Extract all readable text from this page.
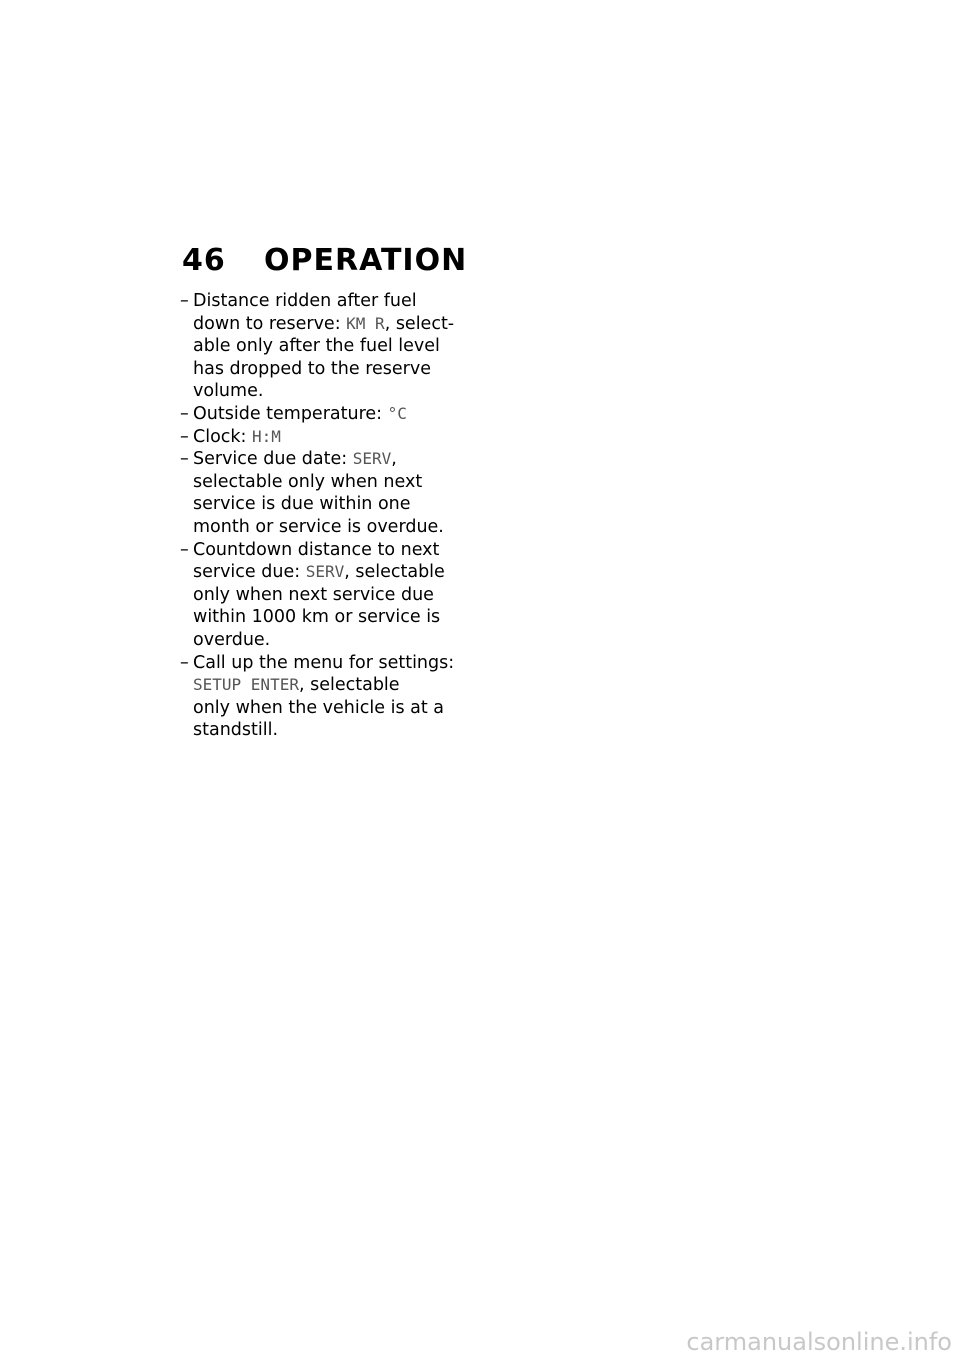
46	OPERATION
– Distance ridden after fuel
down to reserve: KM R, select-
able only after the fuel level
has dropped to the reserve
volume.
– Outside temperature: °C
– Clock: H:M
– Service due date: SERV,
selectable only when next
service is due within one
month or service is overdue.
– Countdown distance to next
service due: SERV, selectable
only when next service due
within 1000 km or service is
overdue.
– Call up the menu for settings:
SETUP ENTER, selectable
only when the vehicle is at a
standstill.
carmanualsonline.info
